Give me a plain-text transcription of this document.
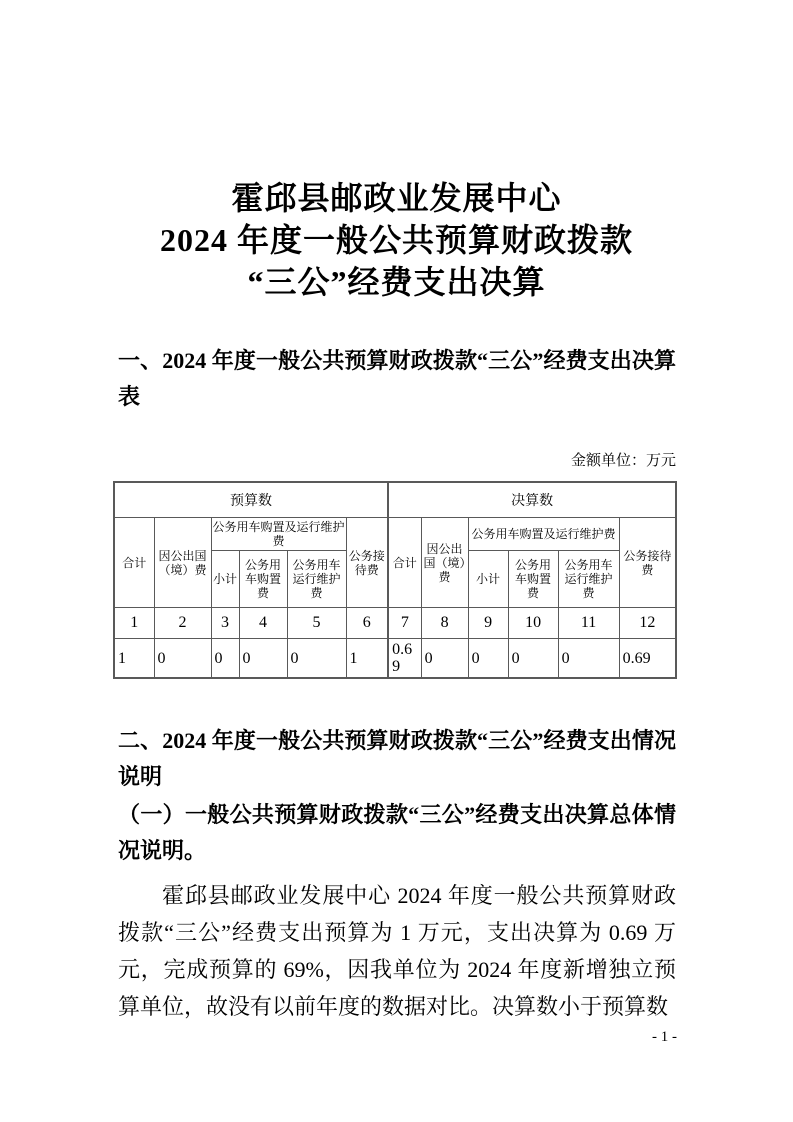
霍邱县邮政业发展中心
2024 年度一般公共预算财政拨款
“三公”经费支出决算
一、2024 年度一般公共预算财政拨款“三公”经费支出决算表
金额单位：万元
预算数						决算数					
合计	因公出国（境）费	公务用车购置及运行维护费			公务接待费	合计	因公出国（境）费	公务用车购置及运行维护费			公务接待费
		小计	公务用车购置费	公务用车运行维护费				小计	公务用车购置费	公务用车运行维护费	
1	2	3	4	5	6	7	8	9	10	11	12
1	0	0	0	0	1	0.69	0	0	0	0	0.69
二、2024 年度一般公共预算财政拨款“三公”经费支出情况说明
（一）一般公共预算财政拨款“三公”经费支出决算总体情况说明。
霍邱县邮政业发展中心 2024 年度一般公共预算财政拨款“三公”经费支出预算为 1 万元，支出决算为 0.69 万元，完成预算的 69%，因我单位为 2024 年度新增独立预算单位，故没有以前年度的数据对比。决算数小于预算数
- 1 -
